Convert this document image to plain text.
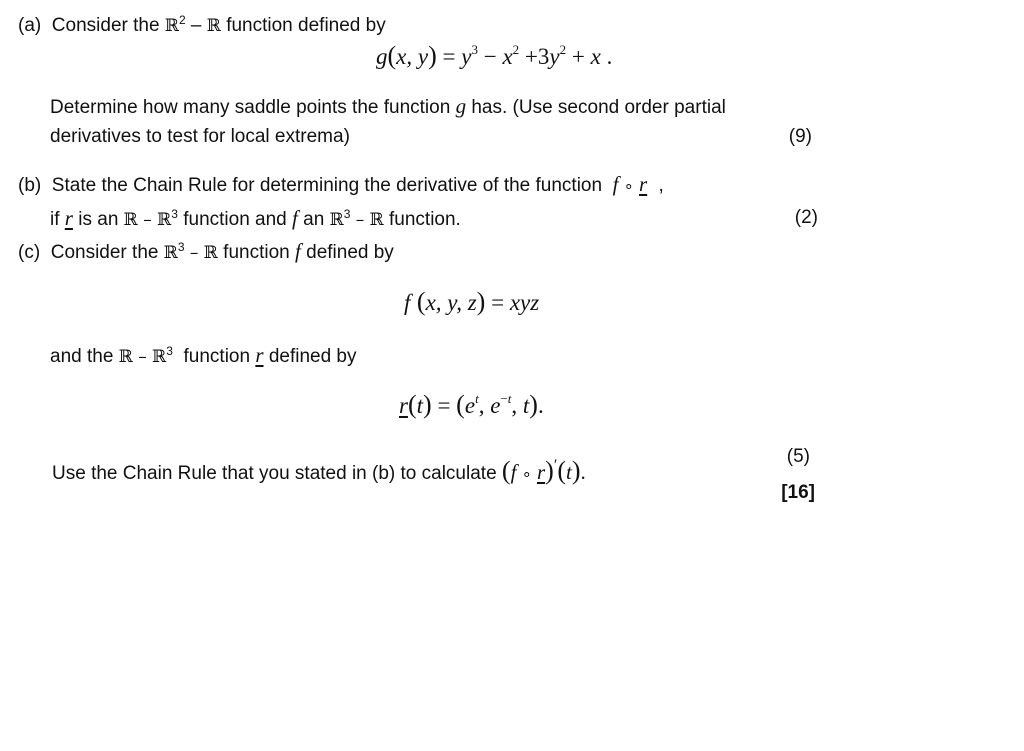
(a) Consider the ℝ$^2$ – ℝ function defined by
g(x, $y) = y^3 - x^2 +3y^2 + x$ .
Determine how many saddle points the function g has. (Use second order partial
derivatives to test for local extrema)	(9)
(b) State the Chain Rule for determining the derivative of the function f ∘ r ,
if r is an ℝ – ℝ$^3$ function and f an ℝ$^3$ – ℝ function.	(2)
(c) Consider the ℝ$^3$ – ℝ function f defined by
f (x, y, z) = xyz
and the ℝ – ℝ$^3$ function r defined by
$r(t) = (e^t$, $e^{-t}$, t).
Use the Chain Rule that you stated in (b) to calculate (f ∘ r)′(t).
(5)
[16]
